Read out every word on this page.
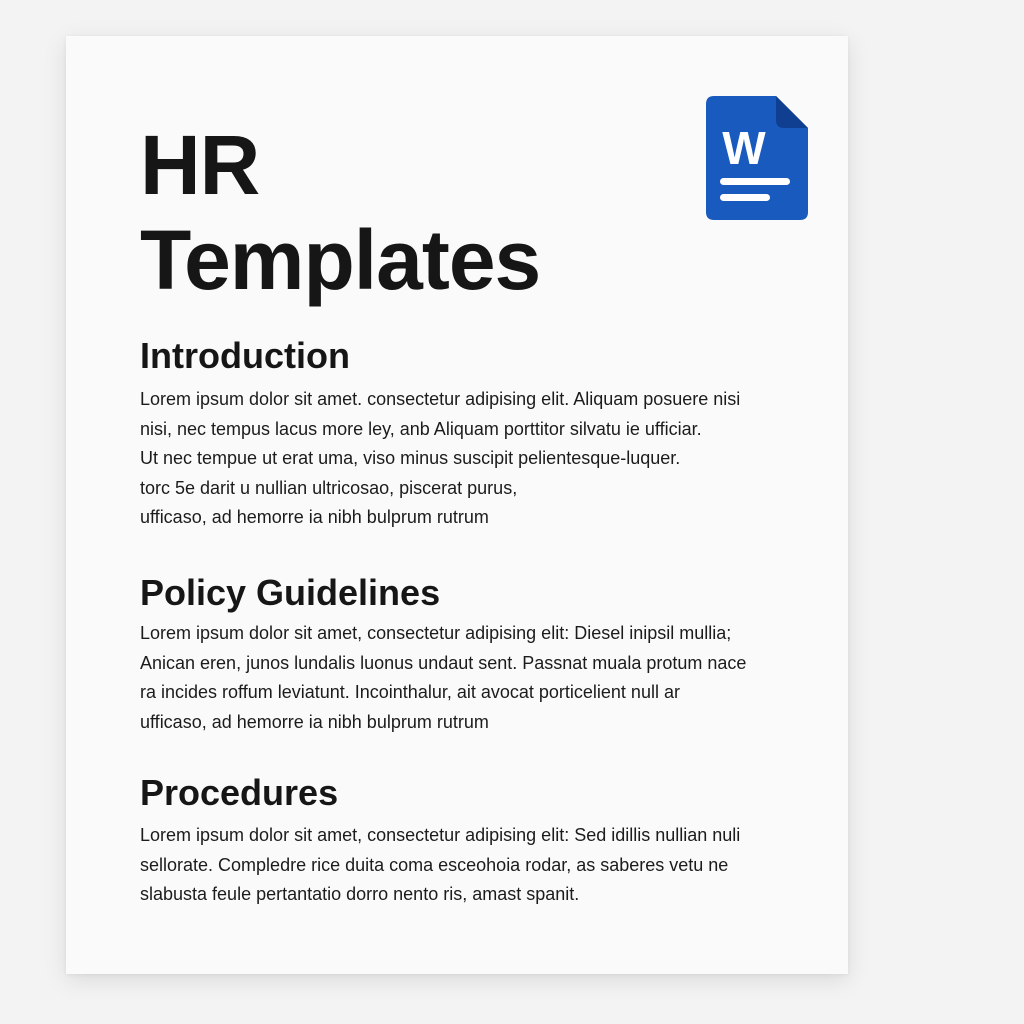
HR
Templates
W
Introduction
Lorem ipsum dolor sit amet. consectetur adipising elit. Aliquam posuere nisi
nisi, nec tempus lacus more ley, anb Aliquam porttitor silvatu ie ufficiar.
Ut nec tempue ut erat uma, viso minus suscipit pelientesque-luquer.
torc 5e darit u nullian ultricosao, piscerat purus,
ufficaso, ad hemorre ia nibh bulprum rutrum
Policy Guidelines
Lorem ipsum dolor sit amet, consectetur adipising elit: Diesel inipsil mullia;
Anican eren, junos lundalis luonus undaut sent. Passnat muala protum nace
ra incides roffum leviatunt. Incointhalur, ait avocat porticelient null ar
ufficaso, ad hemorre ia nibh bulprum rutrum
Procedures
Lorem ipsum dolor sit amet, consectetur adipising elit: Sed idillis nullian nuli
sellorate. Compledre rice duita coma esceohoia rodar, as saberes vetu ne
slabusta feule pertantatio dorro nento ris, amast spanit.
